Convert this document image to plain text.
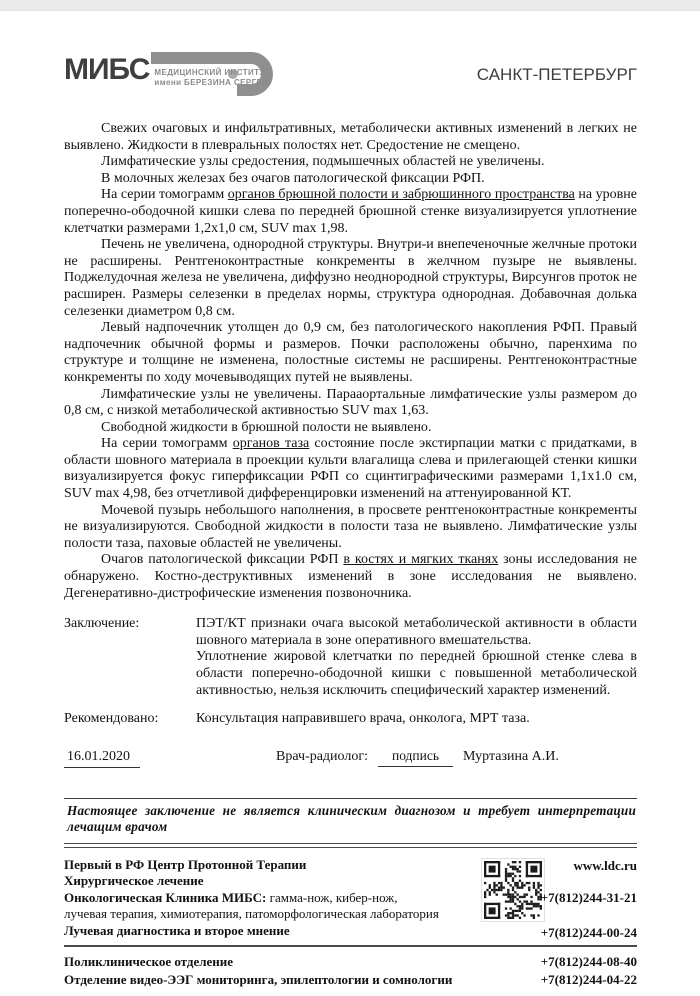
МИБС МЕДИЦИНСКИЙ ИНСТИТУТ
имени БЕРЕЗИНА СЕРГЕЯ	САНКТ-ПЕТЕРБУРГ

Свежих очаговых и инфильтративных, метаболически активных изменений в легких не выявлено. Жидкости в плевральных полостях нет. Средостение не смещено.

Лимфатические узлы средостения, подмышечных областей не увеличены.

В молочных железах без очагов патологической фиксации РФП.

На серии томограмм органов брюшной полости и забрюшинного пространства на уровне поперечно-ободочной кишки слева по передней брюшной стенке визуализируется уплотнение клетчатки размерами 1,2х1,0 см, SUV max 1,98.

Печень не увеличена, однородной структуры. Внутри-и внепеченочные желчные протоки не расширены. Рентгеноконтрастные конкременты в желчном пузыре не выявлены. Поджелудочная железа не увеличена, диффузно неоднородной структуры, Вирсунгов проток не расширен. Размеры селезенки в пределах нормы, структура однородная. Добавочная долька селезенки диаметром 0,8 см.

Левый надпочечник утолщен до 0,9 см, без патологического накопления РФП. Правый надпочечник обычной формы и размеров. Почки расположены обычно, паренхима по структуре и толщине не изменена, полостные системы не расширены. Рентгеноконтрастные конкременты по ходу мочевыводящих путей не выявлены.

Лимфатические узлы не увеличены. Парааортальные лимфатические узлы размером до 0,8 см, с низкой метаболической активностью SUV max 1,63.

Свободной жидкости в брюшной полости не выявлено.

На серии томограмм органов таза состояние после экстирпации матки с придатками, в области шовного материала в проекции культи влагалища слева и прилегающей стенки кишки визуализируется фокус гиперфиксации РФП со сцинтиграфическими размерами 1,1х1.0 см, SUV max 4,98, без отчетливой дифференцировки изменений на аттенуированной КТ.

Мочевой пузырь небольшого наполнения, в просвете рентгеноконтрастные конкременты не визуализируются. Свободной жидкости в полости таза не выявлено. Лимфатические узлы полости таза, паховые областей не увеличены.

Очагов патологической фиксации РФП в костях и мягких тканях зоны исследования не обнаружено. Костно-деструктивных изменений в зоне исследования не выявлено. Дегенеративно-дистрофические изменения позвоночника.

Заключение:	ПЭТ/КТ признаки очага высокой метаболической активности в области шовного материала в зоне оперативного вмешательства.

Уплотнение жировой клетчатки по передней брюшной стенке слева в области поперечно-ободочной кишки с повышенной метаболической активностью, нельзя исключить специфический характер изменений.

Рекомендовано:	Консультация направившего врача, онколога, МРТ таза.
16.01.2020	Врач-радиолог:	подпись	Муртазина А.И.
Настоящее заключение не является клиническим диагнозом и требует интерпретации лечащим врачом
Первый в РФ Центр Протонной Терапии
Хирургическое лечение
Онкологическая Клиника МИБС: гамма-нож, кибер-нож,
лучевая терапия, химиотерапия, патоморфологическая лаборатория
Лучевая диагностика и второе мнение
www.ldc.ru
+7(812)244-31-21
+7(812)244-00-24
Поликлиническое отделение	+7(812)244-08-40
Отделение видео-ЭЭГ мониторинга, эпилептологии и сомнологии	+7(812)244-04-22
